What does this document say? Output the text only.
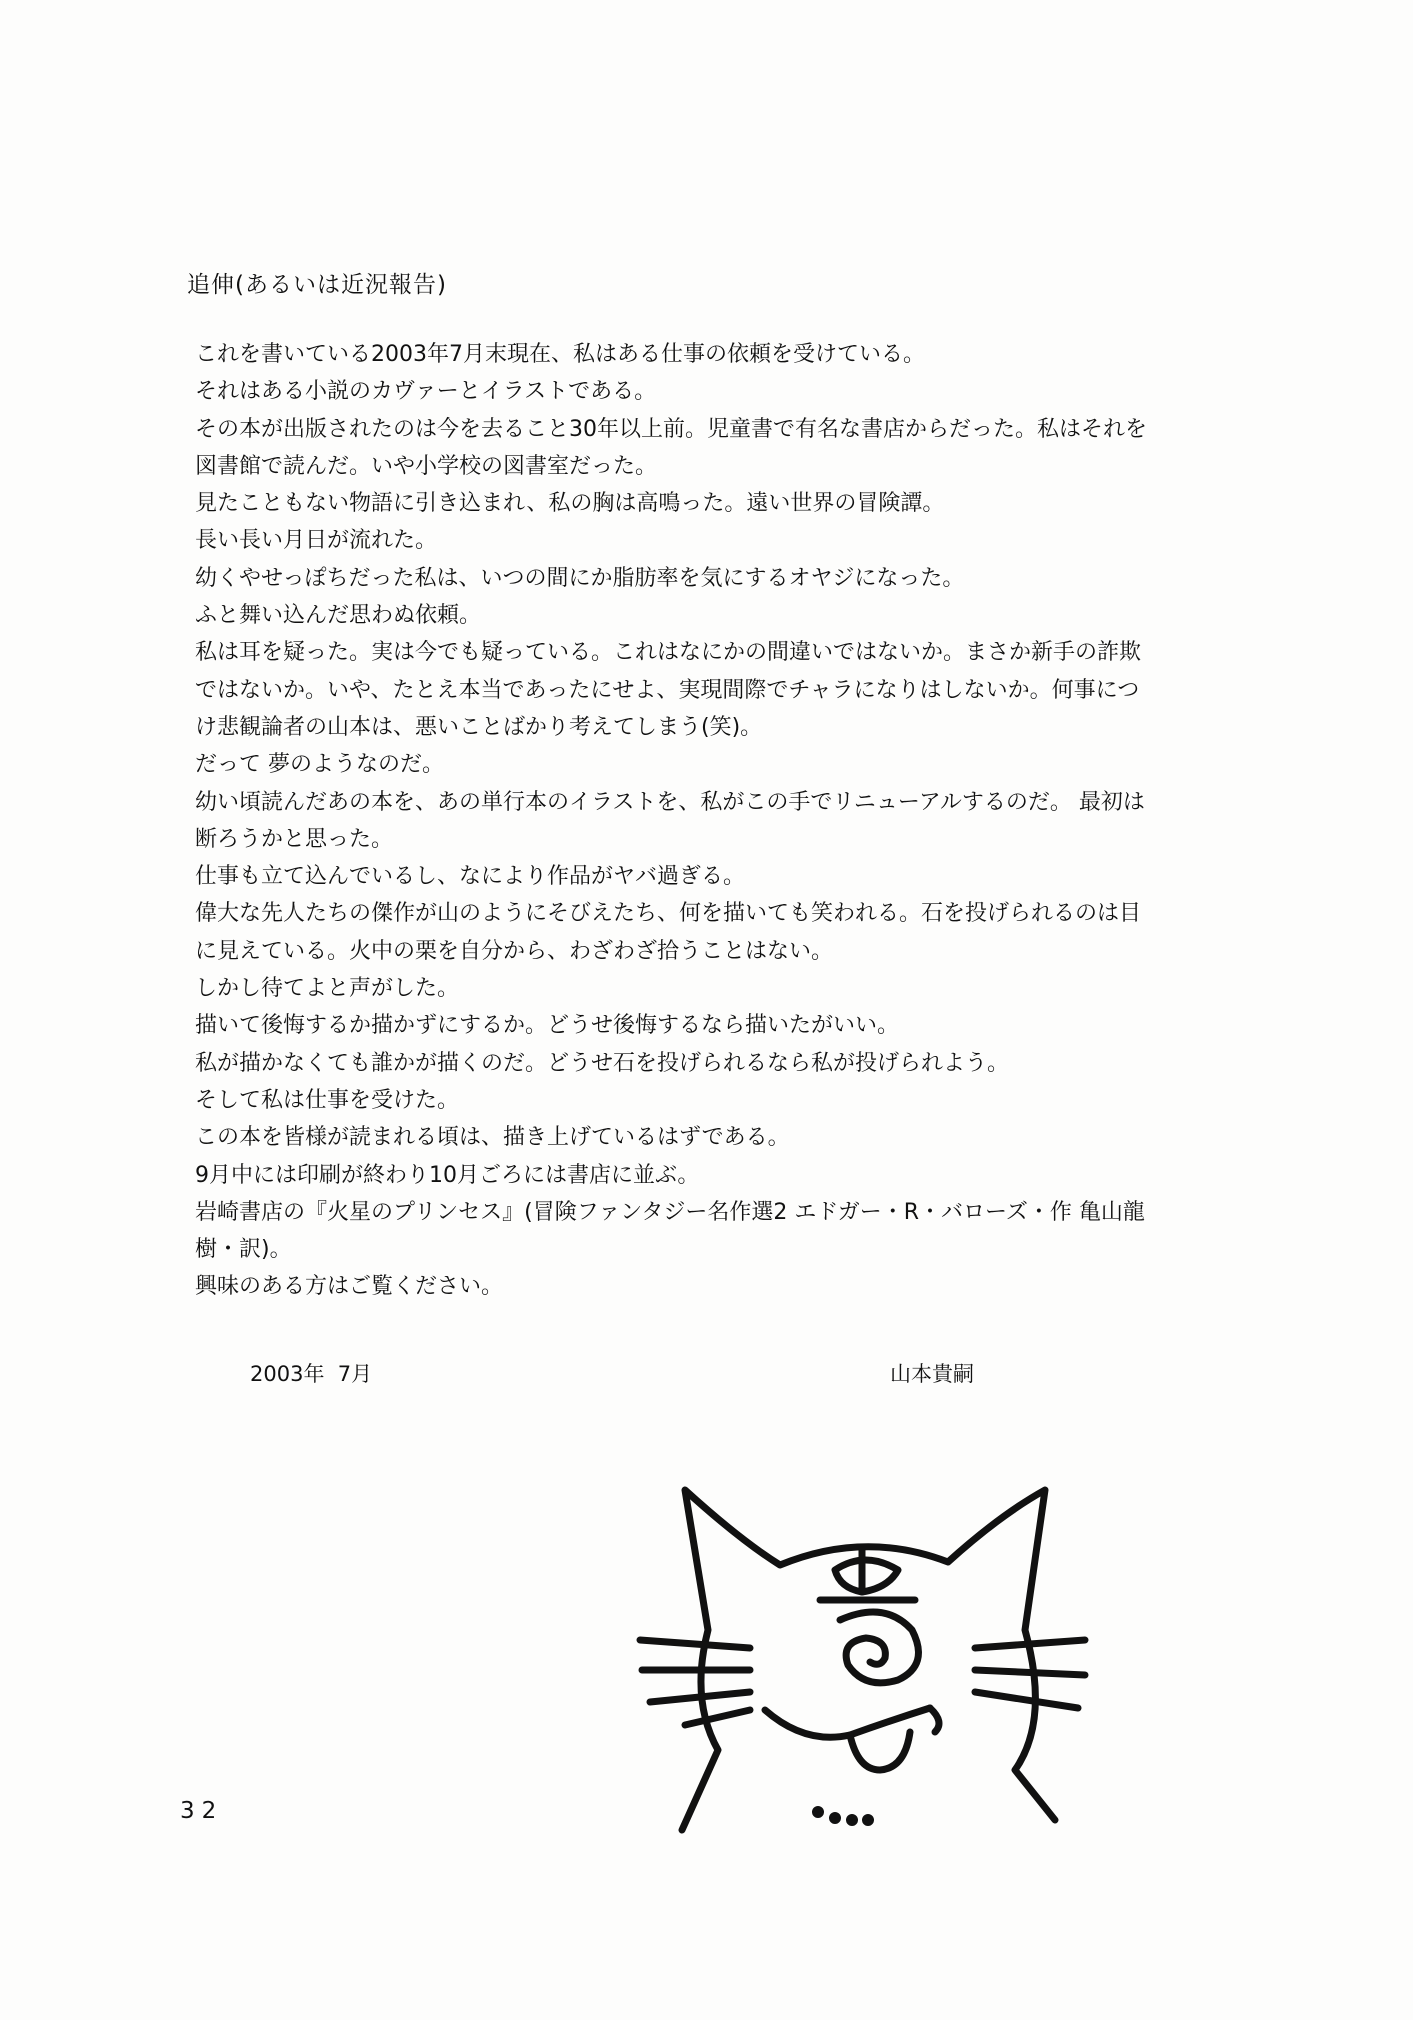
追伸(あるいは近況報告)

これを書いている2003年7月末現在、私はある仕事の依頼を受けている。

それはある小説のカヴァーとイラストである。

その本が出版されたのは今を去ること30年以上前。児童書で有名な書店からだった。私はそれを図書館で読んだ。いや小学校の図書室だった。

見たこともない物語に引き込まれ、私の胸は高鳴った。遠い世界の冒険譚。

長い長い月日が流れた。

幼くやせっぽちだった私は、いつの間にか脂肪率を気にするオヤジになった。

ふと舞い込んだ思わぬ依頼。

私は耳を疑った。実は今でも疑っている。これはなにかの間違いではないか。まさか新手の詐欺ではないか。いや、たとえ本当であったにせよ、実現間際でチャラになりはしないか。何事につけ悲観論者の山本は、悪いことばかり考えてしまう(笑)。

だって 夢のようなのだ。

幼い頃読んだあの本を、あの単行本のイラストを、私がこの手でリニューアルするのだ。 最初は断ろうかと思った。

仕事も立て込んでいるし、なにより作品がヤバ過ぎる。

偉大な先人たちの傑作が山のようにそびえたち、何を描いても笑われる。石を投げられるのは目に見えている。火中の栗を自分から、わざわざ拾うことはない。

しかし待てよと声がした。

描いて後悔するか描かずにするか。どうせ後悔するなら描いたがいい。

私が描かなくても誰かが描くのだ。どうせ石を投げられるなら私が投げられよう。

そして私は仕事を受けた。

この本を皆様が読まれる頃は、描き上げているはずである。

9月中には印刷が終わり10月ごろには書店に並ぶ。

岩崎書店の『火星のプリンセス』(冒険ファンタジー名作選2 エドガー・R・バローズ・作 亀山龍樹・訳)。

興味のある方はご覧ください。

2003年  7月	山本貴嗣
32
